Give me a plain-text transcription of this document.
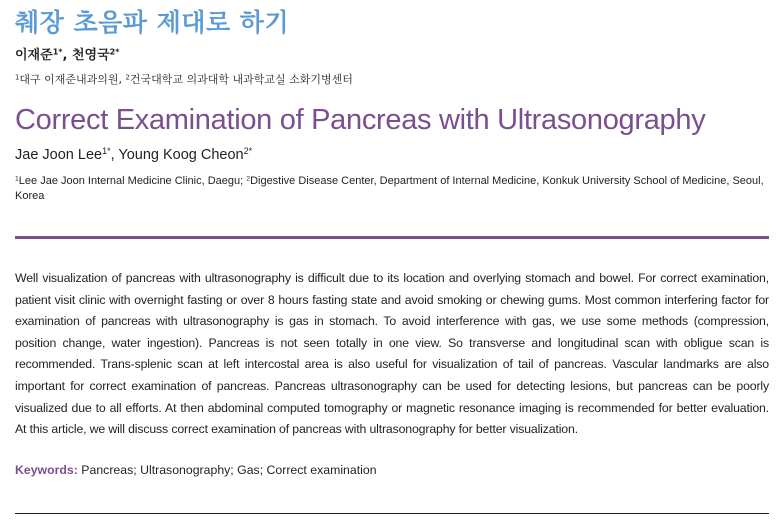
췌장 초음파 제대로 하기
이재준$^{1*}$, 천영국$^{2*}$
$^1$대구 이재준내과의원, $^2$건국대학교 의과대학 내과학교실 소화기병센터
Correct Examination of Pancreas with Ultrasonography
Jae Joon Lee$^{1*}$, Young Koog Cheon$^{2*}$
$^1$Lee Jae Joon Internal Medicine Clinic, Daegu; $^2$Digestive Disease Center, Department of Internal Medicine, Konkuk University School of Medicine, Seoul, Korea

Well visualization of pancreas with ultrasonography is difficult due to its location and overlying stomach and bowel. For correct examination, patient visit clinic with overnight fasting or over 8 hours fasting state and avoid smoking or chewing gums. Most common interfering factor for examination of pancreas with ultrasonography is gas in stomach. To avoid interference with gas, we use some methods (compression, position change, water ingestion). Pancreas is not seen totally in one view. So transverse and longitudinal scan with obligue scan is recommended. Trans-splenic scan at left intercostal area is also useful for visualization of tail of pancreas. Vascular landmarks are also important for correct examination of pancreas. Pancreas ultrasonography can be used for detecting lesions, but pancreas can be poorly visualized due to all efforts. At then abdominal computed tomography or magnetic resonance imaging is recommended for better evaluation. At this article, we will discuss correct examination of pancreas with ultrasonography for better visualization.

Keywords: Pancreas; Ultrasonography; Gas; Correct examination
